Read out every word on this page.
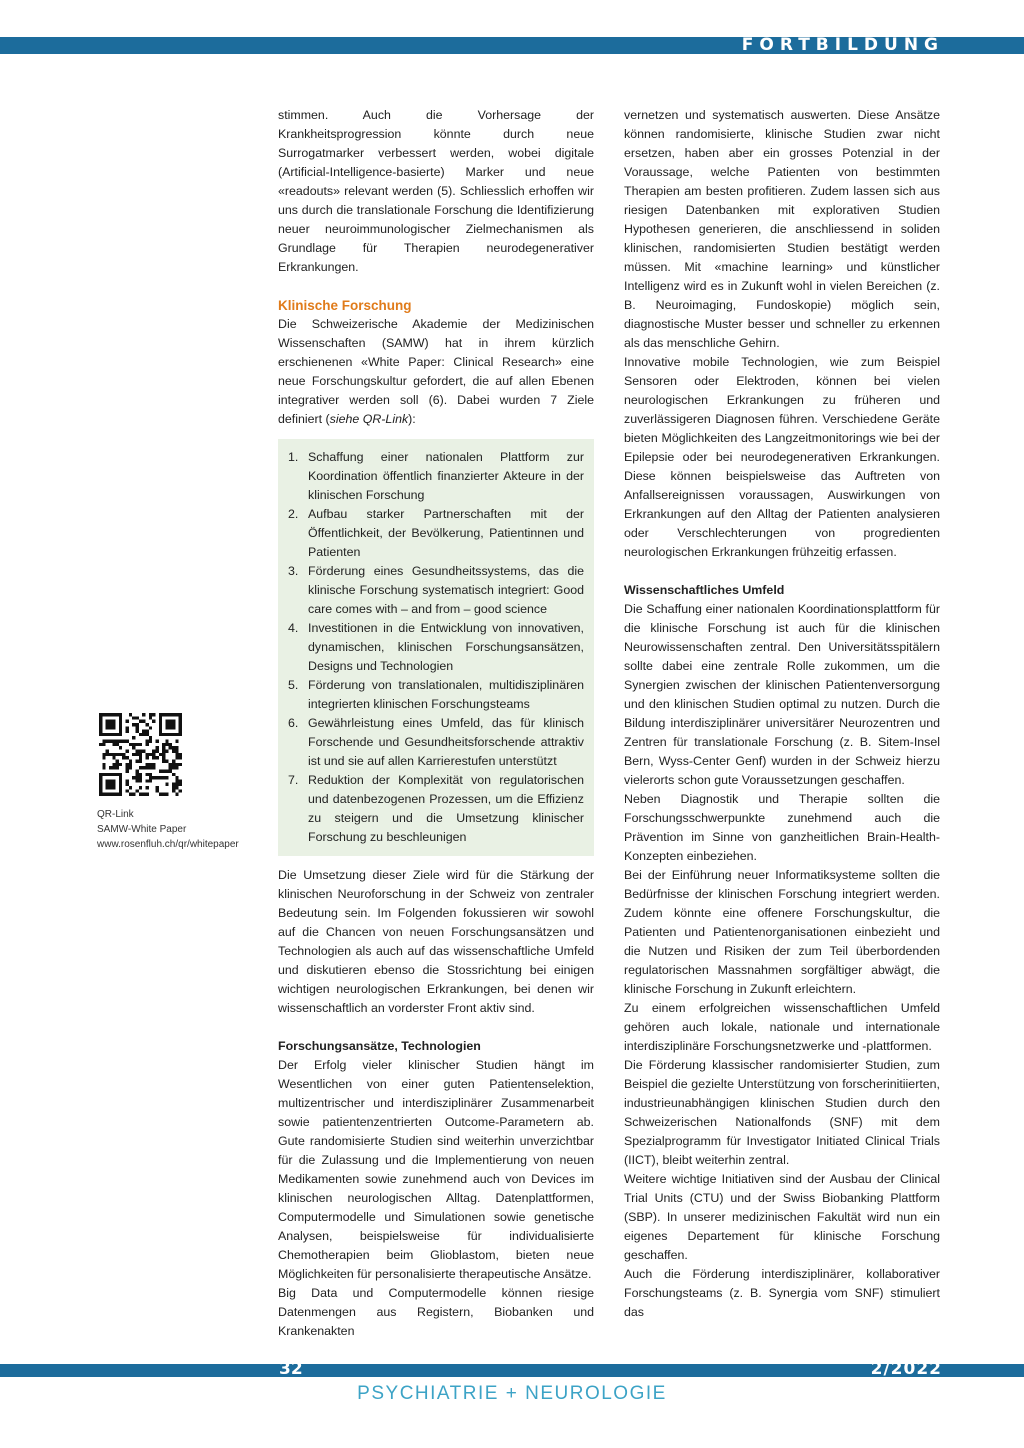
FORTBILDUNG
QR-Link
SAMW-White Paper
www.rosenfluh.ch/qr/whitepaper

stimmen. Auch die Vorhersage der Krankheitsprogression könnte durch neue Surrogatmarker verbessert werden, wobei digitale (Artificial-Intelligence-basierte) Marker und neue «readouts» relevant werden (5). Schliesslich erhoffen wir uns durch die translationale Forschung die Identifizierung neuer neuroimmunologischer Zielmechanismen als Grundlage für Therapien neurodegenerativer Erkrankungen.

Klinische Forschung

Die Schweizerische Akademie der Medizinischen Wissenschaften (SAMW) hat in ihrem kürzlich erschienenen «White Paper: Clinical Research» eine neue Forschungskultur gefordert, die auf allen Ebenen integrativer werden soll (6). Dabei wurden 7 Ziele definiert (siehe QR-Link):

1. Schaffung einer nationalen Plattform zur Koordination öffentlich finanzierter Akteure in der klinischen Forschung
2. Aufbau starker Partnerschaften mit der Öffentlichkeit, der Bevölkerung, Patientinnen und Patienten
3. Förderung eines Gesundheitssystems, das die klinische Forschung systematisch integriert: Good care comes with – and from – good science
4. Investitionen in die Entwicklung von innovativen, dynamischen, klinischen Forschungsansätzen, Designs und Technologien
5. Förderung von translationalen, multidisziplinären integrierten klinischen Forschungsteams
6. Gewährleistung eines Umfeld, das für klinisch Forschende und Gesundheitsforschende attraktiv ist und sie auf allen Karrierestufen unterstützt
7. Reduktion der Komplexität von regulatorischen und datenbezogenen Prozessen, um die Effizienz zu steigern und die Umsetzung klinischer Forschung zu beschleunigen

Die Umsetzung dieser Ziele wird für die Stärkung der klinischen Neuroforschung in der Schweiz von zentraler Bedeutung sein. Im Folgenden fokussieren wir sowohl auf die Chancen von neuen Forschungsansätzen und Technologien als auch auf das wissenschaftliche Umfeld und diskutieren ebenso die Stossrichtung bei einigen wichtigen neurologischen Erkrankungen, bei denen wir wissenschaftlich an vorderster Front aktiv sind.

Forschungsansätze, Technologien

Der Erfolg vieler klinischer Studien hängt im Wesentlichen von einer guten Patientenselektion, multizentrischer und interdisziplinärer Zusammenarbeit sowie patientenzentrierten Outcome-Parametern ab. Gute randomisierte Studien sind weiterhin unverzichtbar für die Zulassung und die Implementierung von neuen Medikamenten sowie zunehmend auch von Devices im klinischen neurologischen Alltag. Datenplattformen, Computermodelle und Simulationen sowie genetische Analysen, beispielsweise für individualisierte Chemotherapien beim Glioblastom, bieten neue Möglichkeiten für personalisierte therapeutische Ansätze.

Big Data und Computermodelle können riesige Datenmengen aus Registern, Biobanken und Krankenakten

vernetzen und systematisch auswerten. Diese Ansätze können randomisierte, klinische Studien zwar nicht ersetzen, haben aber ein grosses Potenzial in der Voraussage, welche Patienten von bestimmten Therapien am besten profitieren. Zudem lassen sich aus riesigen Datenbanken mit explorativen Studien Hypothesen generieren, die anschliessend in soliden klinischen, randomisierten Studien bestätigt werden müssen. Mit «machine learning» und künstlicher Intelligenz wird es in Zukunft wohl in vielen Bereichen (z. B. Neuroimaging, Fundoskopie) möglich sein, diagnostische Muster besser und schneller zu erkennen als das menschliche Gehirn.

Innovative mobile Technologien, wie zum Beispiel Sensoren oder Elektroden, können bei vielen neurologischen Erkrankungen zu früheren und zuverlässigeren Diagnosen führen. Verschiedene Geräte bieten Möglichkeiten des Langzeitmonitorings wie bei der Epilepsie oder bei neurodegenerativen Erkrankungen. Diese können beispielsweise das Auftreten von Anfallsereignissen voraussagen, Auswirkungen von Erkrankungen auf den Alltag der Patienten analysieren oder Verschlechterungen von progredienten neurologischen Erkrankungen frühzeitig erfassen.

Wissenschaftliches Umfeld

Die Schaffung einer nationalen Koordinationsplattform für die klinische Forschung ist auch für die klinischen Neurowissenschaften zentral. Den Universitätsspitälern sollte dabei eine zentrale Rolle zukommen, um die Synergien zwischen der klinischen Patientenversorgung und den klinischen Studien optimal zu nutzen. Durch die Bildung interdisziplinärer universitärer Neurozentren und Zentren für translationale Forschung (z. B. Sitem-Insel Bern, Wyss-Center Genf) wurden in der Schweiz hierzu vielerorts schon gute Voraussetzungen geschaffen.

Neben Diagnostik und Therapie sollten die Forschungsschwerpunkte zunehmend auch die Prävention im Sinne von ganzheitlichen Brain-Health-Konzepten einbeziehen.

Bei der Einführung neuer Informatiksysteme sollten die Bedürfnisse der klinischen Forschung integriert werden. Zudem könnte eine offenere Forschungskultur, die Patienten und Patientenorganisationen einbezieht und die Nutzen und Risiken der zum Teil überbordenden regulatorischen Massnahmen sorgfältiger abwägt, die klinische Forschung in Zukunft erleichtern.

Zu einem erfolgreichen wissenschaftlichen Umfeld gehören auch lokale, nationale und internationale interdisziplinäre Forschungsnetzwerke und -plattformen.

Die Förderung klassischer randomisierter Studien, zum Beispiel die gezielte Unterstützung von forscherinitiierten, industrieunabhängigen klinischen Studien durch den Schweizerischen Nationalfonds (SNF) mit dem Spezialprogramm für Investigator Initiated Clinical Trials (IICT), bleibt weiterhin zentral.

Weitere wichtige Initiativen sind der Ausbau der Clinical Trial Units (CTU) und der Swiss Biobanking Plattform (SBP). In unserer medizinischen Fakultät wird nun ein eigenes Departement für klinische Forschung geschaffen.

Auch die Förderung interdisziplinärer, kollaborativer Forschungsteams (z. B. Synergia vom SNF) stimuliert das

32	2/2022
PSYCHIATRIE + NEUROLOGIE
